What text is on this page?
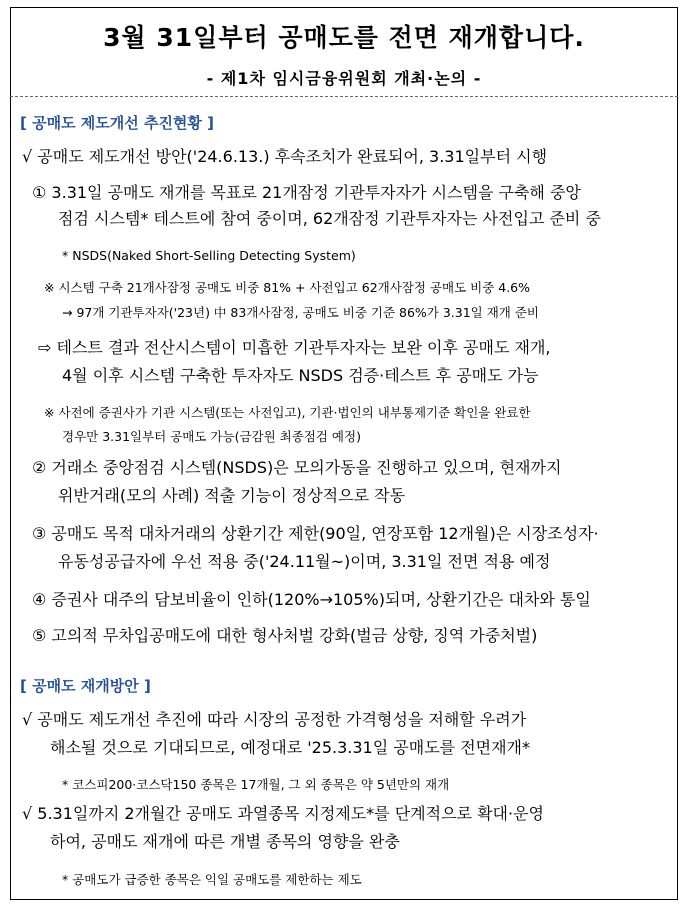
3월 31일부터 공매도를 전면 재개합니다.
- 제1차 임시금융위원회 개최·논의 -
[ 공매도 제도개선 추진현황 ]
√ 공매도 제도개선 방안('24.6.13.) 후속조치가 완료되어, 3.31일부터 시행
① 3.31일 공매도 재개를 목표로 21개잠정 기관투자자가 시스템을 구축해 중앙
점검 시스템* 테스트에 참여 중이며, 62개잠정 기관투자자는 사전입고 준비 중
* NSDS(Naked Short-Selling Detecting System)
※ 시스템 구축 21개사잠정 공매도 비중 81% + 사전입고 62개사잠정 공매도 비중 4.6%
→ 97개 기관투자자('23년) 中 83개사잠정, 공매도 비중 기준 86%가 3.31일 재개 준비
⇨ 테스트 결과 전산시스템이 미흡한 기관투자자는 보완 이후 공매도 재개,
4월 이후 시스템 구축한 투자자도 NSDS 검증·테스트 후 공매도 가능
※ 사전에 증권사가 기관 시스템(또는 사전입고), 기관·법인의 내부통제기준 확인을 완료한
경우만 3.31일부터 공매도 가능(금감원 최종점검 예정)
② 거래소 중앙점검 시스템(NSDS)은 모의가동을 진행하고 있으며, 현재까지
위반거래(모의 사례) 적출 기능이 정상적으로 작동
③ 공매도 목적 대차거래의 상환기간 제한(90일, 연장포함 12개월)은 시장조성자·
유동성공급자에 우선 적용 중('24.11월~)이며, 3.31일 전면 적용 예정
④ 증권사 대주의 담보비율이 인하(120%→105%)되며, 상환기간은 대차와 통일
⑤ 고의적 무차입공매도에 대한 형사처벌 강화(벌금 상향, 징역 가중처벌)
[ 공매도 재개방안 ]
√ 공매도 제도개선 추진에 따라 시장의 공정한 가격형성을 저해할 우려가
해소될 것으로 기대되므로, 예정대로 '25.3.31일 공매도를 전면재개*
* 코스피200·코스닥150 종목은 17개월, 그 외 종목은 약 5년만의 재개
√ 5.31일까지 2개월간 공매도 과열종목 지정제도*를 단계적으로 확대·운영
하여, 공매도 재개에 따른 개별 종목의 영향을 완충
* 공매도가 급증한 종목은 익일 공매도를 제한하는 제도
